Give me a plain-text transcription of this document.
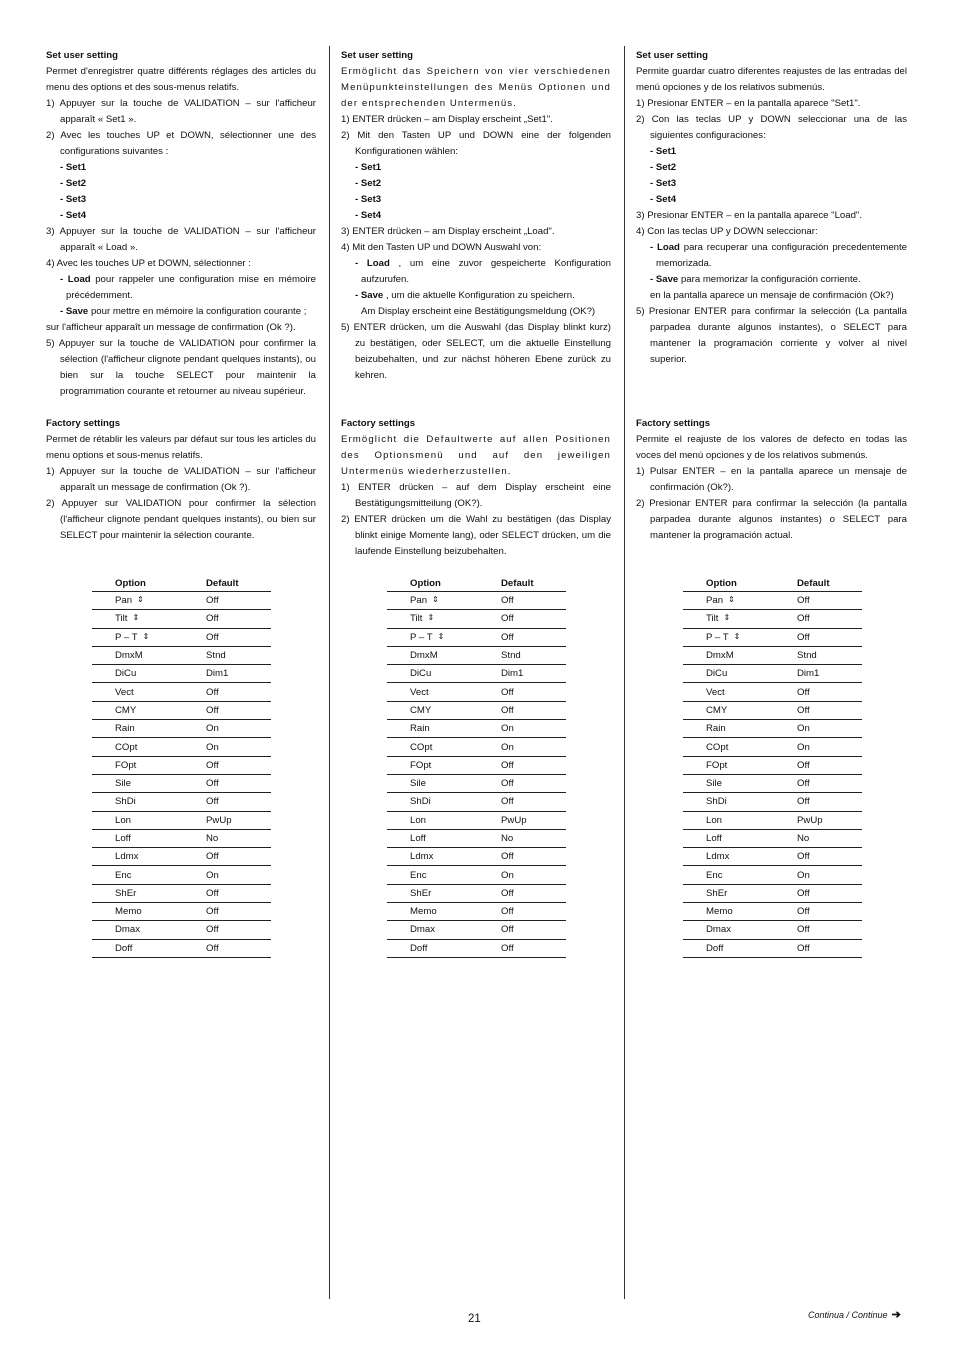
Set user setting

Permet d'enregistrer quatre différents réglages des articles du menu des options et des sous-menus relatifs.

1) Appuyer sur la touche de VALIDATION – sur l'afficheur apparaît « Set1 ».
2) Avec les touches UP et DOWN, sélectionner une des configurations suivantes :
- Set1
- Set2
- Set3
- Set4
3) Appuyer sur la touche de VALIDATION – sur l'afficheur apparaît « Load ».
4) Avec les touches UP et DOWN, sélectionner :
- Load pour rappeler une configuration mise en mémoire précédemment.
- Save pour mettre en mémoire la configuration courante ;

sur l'afficheur apparaît un message de confirmation (Ok ?).

5) Appuyer sur la touche de VALIDATION pour confirmer la sélection (l'afficheur clignote pendant quelques instants), ou bien sur la touche SELECT pour maintenir la programmation courante et retourner au niveau supérieur.
Factory settings

Permet de rétablir les valeurs par défaut sur tous les articles du menu options et sous-menus relatifs.

1) Appuyer sur la touche de VALIDATION – sur l'afficheur apparaît un message de confirmation (Ok ?).
2) Appuyer sur VALIDATION pour confirmer la sélection (l'afficheur clignote pendant quelques instants), ou bien sur SELECT pour maintenir la sélection courante.
Set user setting

Ermöglicht das Speichern von vier verschiedenen Menüpunkteinstellungen des Menüs Optionen und der entsprechenden Untermenüs.

1) ENTER drücken – am Display erscheint „Set1".
2) Mit den Tasten UP und DOWN eine der folgenden Konfigurationen wählen:
- Set1
- Set2
- Set3
- Set4
3) ENTER drücken – am Display erscheint „Load".
4) Mit den Tasten UP und DOWN Auswahl von:
- Load , um eine zuvor gespeicherte Konfiguration aufzurufen.
- Save , um die aktuelle Konfiguration zu speichern.
Am Display erscheint eine Bestätigungsmeldung (OK?)
5) ENTER drücken, um die Auswahl (das Display blinkt kurz) zu bestätigen, oder SELECT, um die aktuelle Einstellung beizubehalten, und zur nächst höheren Ebene zurück zu kehren.
Factory settings

Ermöglicht die Defaultwerte auf allen Positionen des Optionsmenü und auf den jeweiligen Untermenüs wiederherzustellen.

1) ENTER drücken – auf dem Display erscheint eine Bestätigungsmitteilung (OK?).
2) ENTER drücken um die Wahl zu bestätigen (das Display blinkt einige Momente lang), oder SELECT drücken, um die laufende Einstellung beizubehalten.
Set user setting

Permite guardar cuatro diferentes reajustes de las entradas del menú opciones y de los relativos submenús.

1) Presionar ENTER – en la pantalla aparece "Set1".
2) Con las teclas UP y DOWN seleccionar una de las siguientes configuraciones:
- Set1
- Set2
- Set3
- Set4
3) Presionar ENTER – en la pantalla aparece "Load".
4) Con las teclas UP y DOWN seleccionar:
- Load para recuperar una configuración precedentemente memorizada.
- Save para memorizar la configuración corriente.
en la pantalla aparece un mensaje de confirmación (Ok?)
5) Presionar ENTER para confirmar la selección (La pantalla parpadea durante algunos instantes), o SELECT para mantener la programación corriente y volver al nivel superior.
Factory settings

Permite el reajuste de los valores de defecto en todas las voces del menú opciones y de los relativos submenús.

1) Pulsar ENTER – en la pantalla aparece un mensaje de confirmación (Ok?).
2) Presionar ENTER para confirmar la selección (la pantalla parpadea durante algunos instantes) o SELECT para mantener la programación actual.
Option	Default
Pan ⇕	Off
Tilt ⇕	Off
P – T ⇕	Off
DmxM	Stnd
DiCu	Dim1
Vect	Off
CMY	Off
Rain	On
COpt	On
FOpt	Off
Sile	Off
ShDi	Off
Lon	PwUp
Loff	No
Ldmx	Off
Enc	On
ShEr	Off
Memo	Off
Dmax	Off
Doff	Off
Option	Default
Pan ⇕	Off
Tilt ⇕	Off
P – T ⇕	Off
DmxM	Stnd
DiCu	Dim1
Vect	Off
CMY	Off
Rain	On
COpt	On
FOpt	Off
Sile	Off
ShDi	Off
Lon	PwUp
Loff	No
Ldmx	Off
Enc	On
ShEr	Off
Memo	Off
Dmax	Off
Doff	Off
Option	Default
Pan ⇕	Off
Tilt ⇕	Off
P – T ⇕	Off
DmxM	Stnd
DiCu	Dim1
Vect	Off
CMY	Off
Rain	On
COpt	On
FOpt	Off
Sile	Off
ShDi	Off
Lon	PwUp
Loff	No
Ldmx	Off
Enc	On
ShEr	Off
Memo	Off
Dmax	Off
Doff	Off
21	Continua / Continue ➔
